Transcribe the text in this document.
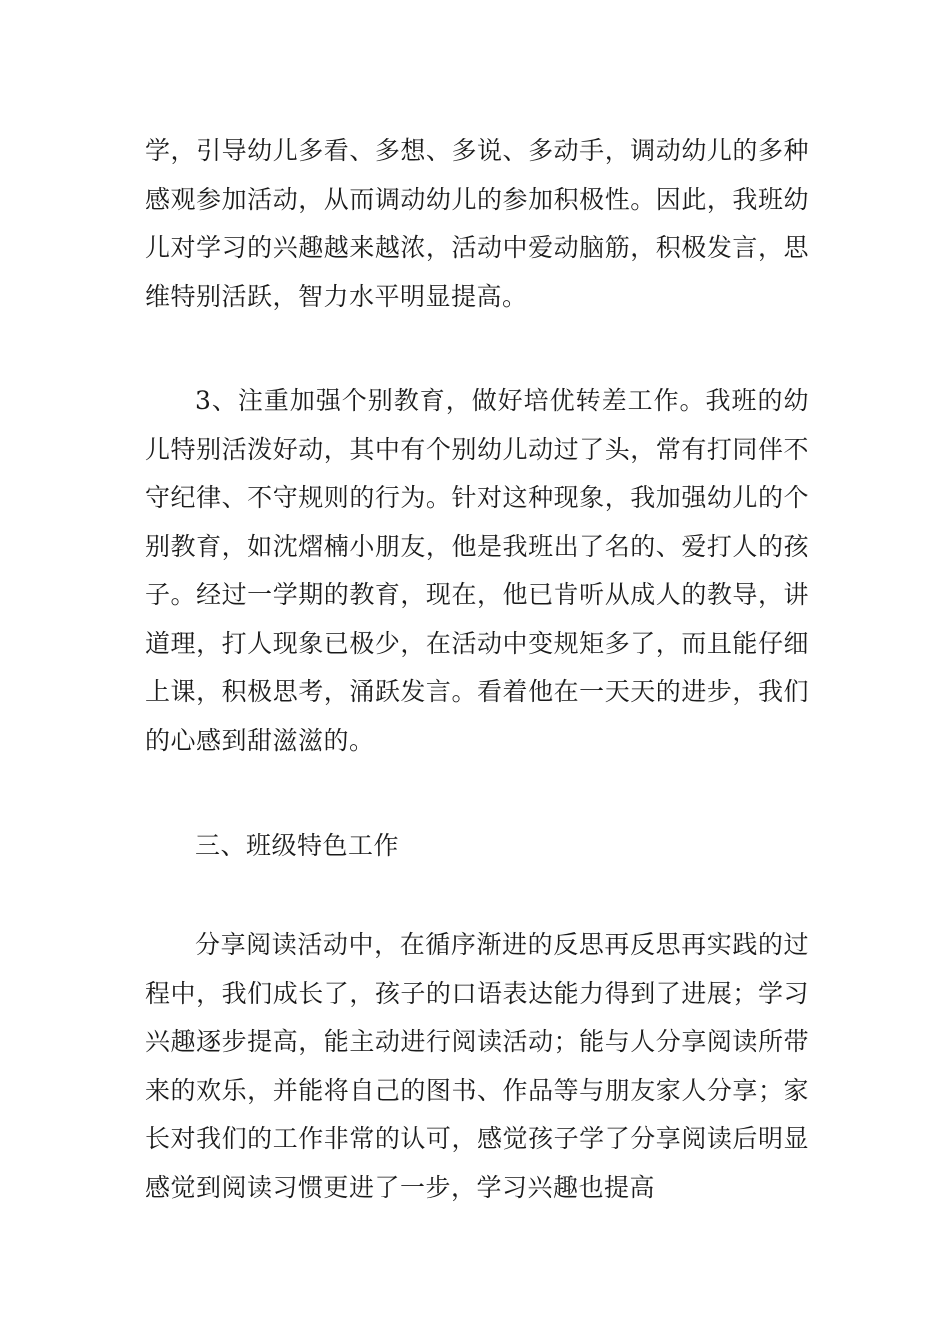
学，引导幼儿多看、多想、多说、多动手，调动幼儿的多种感观参加活动，从而调动幼儿的参加积极性。因此，我班幼儿对学习的兴趣越来越浓，活动中爱动脑筋，积极发言，思维特别活跃，智力水平明显提高。

3、注重加强个别教育，做好培优转差工作。我班的幼儿特别活泼好动，其中有个别幼儿动过了头，常有打同伴不守纪律、不守规则的行为。针对这种现象，我加强幼儿的个别教育，如沈熠楠小朋友，他是我班出了名的、爱打人的孩子。经过一学期的教育，现在，他已肯听从成人的教导，讲道理，打人现象已极少，在活动中变规矩多了，而且能仔细上课，积极思考，涌跃发言。看着他在一天天的进步，我们的心感到甜滋滋的。

三、班级特色工作

分享阅读活动中，在循序渐进的反思再反思再实践的过程中，我们成长了，孩子的口语表达能力得到了进展；学习兴趣逐步提高，能主动进行阅读活动；能与人分享阅读所带来的欢乐，并能将自己的图书、作品等与朋友家人分享；家长对我们的工作非常的认可，感觉孩子学了分享阅读后明显感觉到阅读习惯更进了一步，学习兴趣也提高
